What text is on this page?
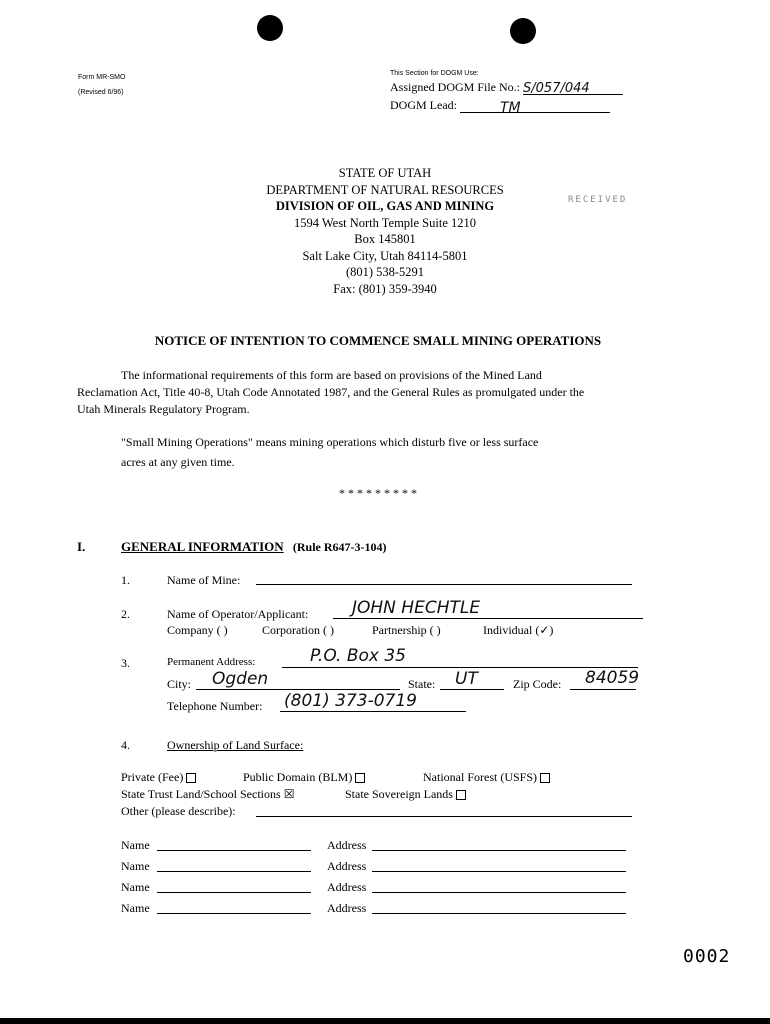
Form MR-SMO
(Revised 6/96)
This Section for DOGM Use:
Assigned DOGM File No.: S/057/044
DOGM Lead:	TM
RECEIVED
STATE OF UTAH
DEPARTMENT OF NATURAL RESOURCES
DIVISION OF OIL, GAS AND MINING
1594 West North Temple Suite 1210
Box 145801
Salt Lake City, Utah 84114-5801
(801) 538-5291
Fax: (801) 359-3940
NOTICE OF INTENTION TO COMMENCE SMALL MINING OPERATIONS
The informational requirements of this form are based on provisions of the Mined Land
Reclamation Act, Title 40-8, Utah Code Annotated 1987, and the General Rules as promulgated under the
Utah Minerals Regulatory Program.
"Small Mining Operations" means mining operations which disturb five or less surface
acres at any given time.
* * * * * * * * *
I.	GENERAL INFORMATION (Rule R647-3-104)
1.	Name of Mine:
2.	Name of Operator/Applicant:	JOHN HECHTLE
Company ( )	Corporation ( )	Partnership ( )	Individual (✓)
3.	Permanent Address:	P.O. Box 35
City: Ogden	State: UT	Zip Code: 84059
Telephone Number: (801) 373-0719
4.	Ownership of Land Surface:
Private (Fee)	Public Domain (BLM)	National Forest (USFS)
State Trust Land/School Sections ☒	State Sovereign Lands
Other (please describe):
Name	Address
Name	Address
Name	Address
Name	Address
0002
